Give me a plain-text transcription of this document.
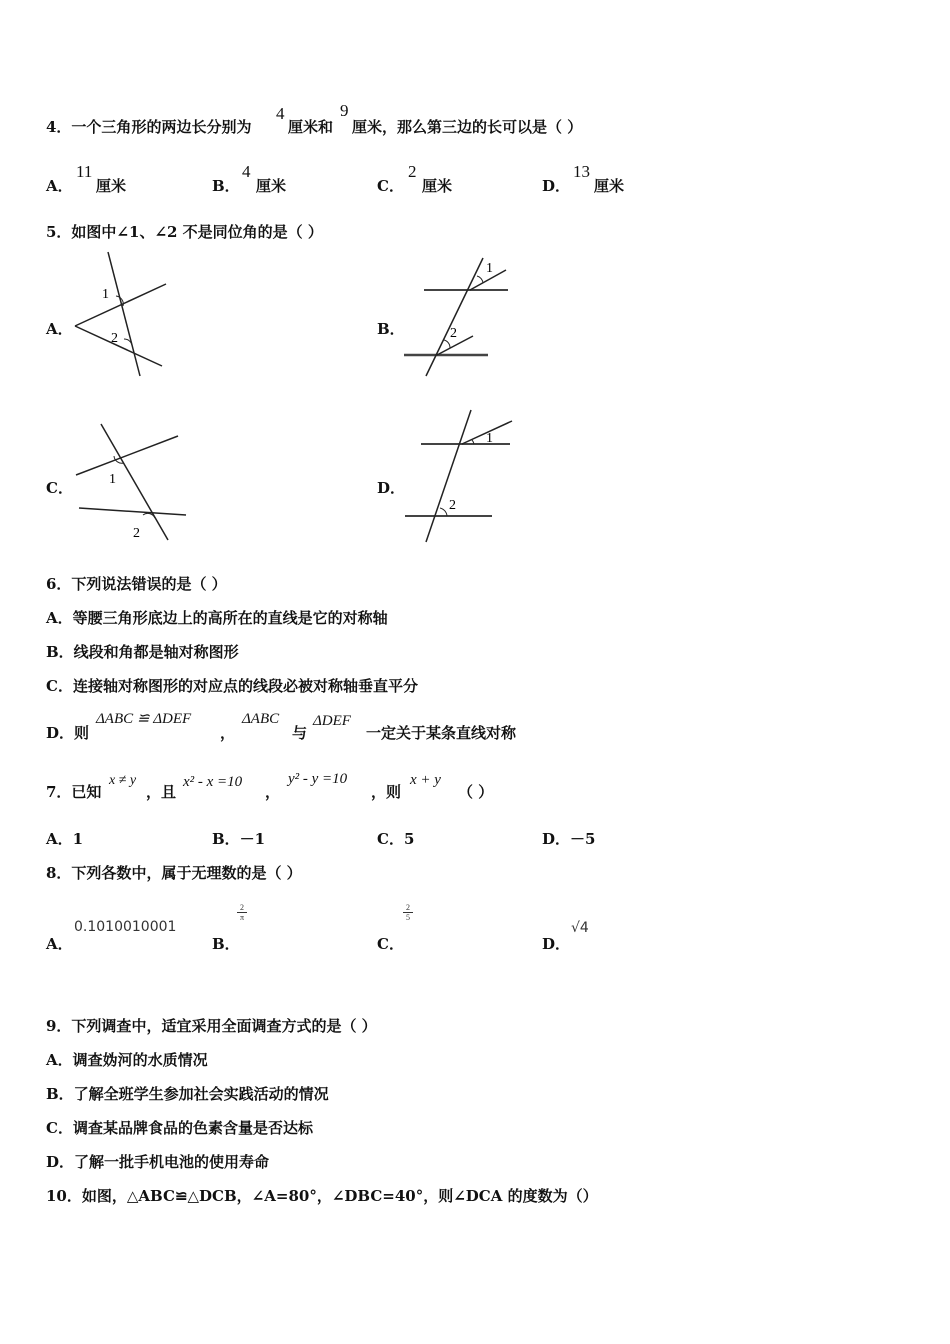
4．一个三角形的两边长分别为
4
厘米和
9
厘米，那么第三边的长可以是（ ）
A．
11
厘米	B．
4
厘米	C．
2
厘米	D．
13
厘米
5．如图中∠1、∠2 不是同位角的是（ ）
A．
1
2
B．
1
2
C．	1
2
D．
1
2
6．下列说法错误的是（ ）
A．等腰三角形底边上的高所在的直线是它的对称轴
B．线段和角都是轴对称图形
C．连接轴对称图形的对应点的线段必被对称轴垂直平分
D．则
ΔABC ≌ ΔDEF
，
ΔABC
与
ΔDEF
一定关于某条直线对称
7．已知
x ≠ y
，且
x² - x =10
，
y² - y =10
，则
x + y
（ ）
A．1	B．－1	C．5	D．－5
8．下列各数中，属于无理数的是（ ）
A．
0.1010010001
B．
$\frac{2}{\pi}$
C．
$\frac{2}{5}$
D．
√4
9．下列调查中，适宜采用全面调查方式的是（ ）
A．调查妫河的水质情况
B．了解全班学生参加社会实践活动的情况
C．调查某品牌食品的色素含量是否达标
D．了解一批手机电池的使用寿命
10．如图，△ABC≌△DCB，∠A=80°，∠DBC=40°，则∠DCA 的度数为（）
